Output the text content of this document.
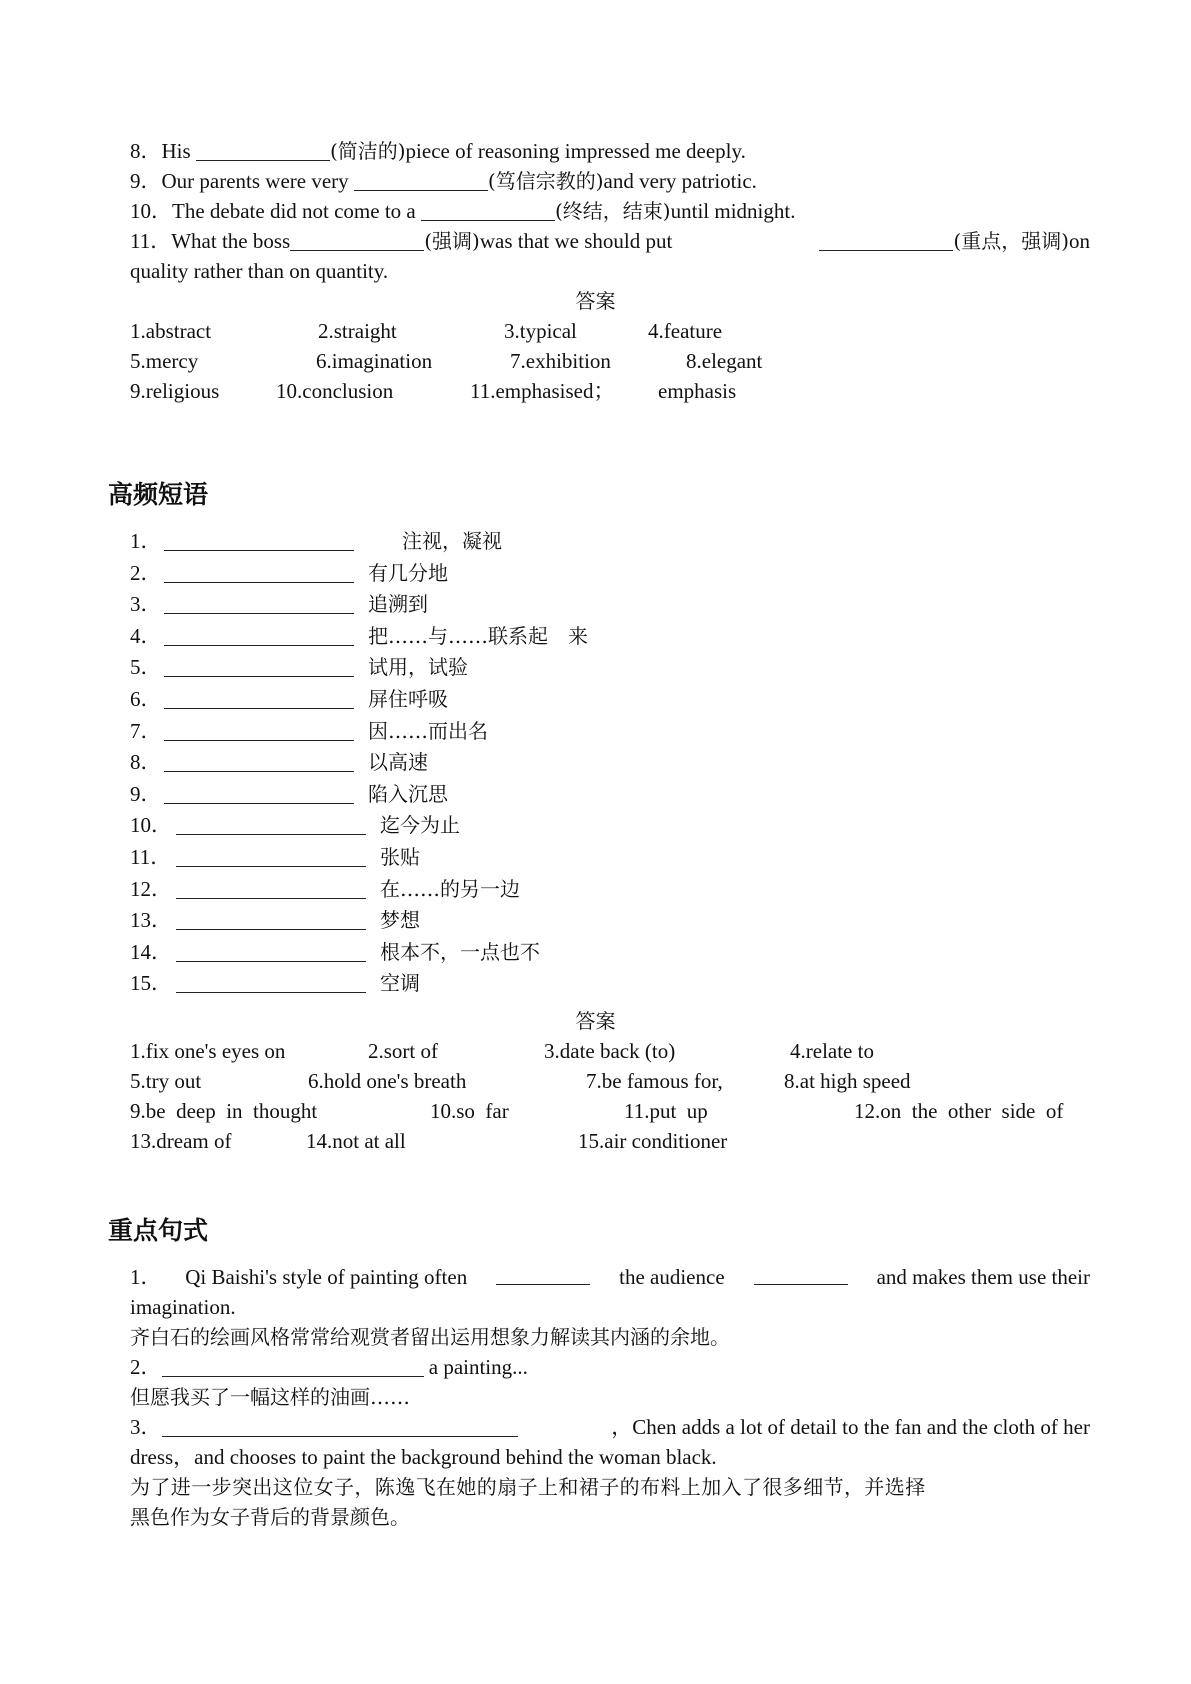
8．His	(简洁的)piece of reasoning impressed me deeply.
9．Our parents were very	(笃信宗教的)and very patriotic.
10．The debate did not come to a	(终结，结束)until midnight.
11．What the boss	(强调)was that we should put	(重点，强调)on
quality rather than on quantity.
答案
1.abstract	2.straight	3.typical	4.feature
5.mercy	6.imagination	7.exhibition	8.elegant
9.religious	10.conclusion	11.emphasised； emphasis
高频短语
1．	注视，凝视
2．	有几分地
3．	追溯到
4．	把……与……联系起　来
5．	试用，试验
6．	屏住呼吸
7．	因……而出名
8．	以高速
9．	陷入沉思
10．	迄今为止
11．	张贴
12．	在……的另一边
13．	梦想
14．	根本不，一点也不
15．	空调
答案
1.fix one's eyes on	2.sort of	3.date back (to)	4.relate to
5.try out	6.hold one's breath	7.be famous for,	8.at high speed
9.be  deep  in  thought	10.so  far	11.put  up	12.on  the  other  side  of
13.dream of	14.not at all	15.air conditioner
重点句式
1． Qi Baishi's style of painting often	the audience	and makes them use their
imagination.
齐白石的绘画风格常常给观赏者留出运用想象力解读其内涵的余地。
2．	a painting...
但愿我买了一幅这样的油画……
3．	，Chen adds a lot of detail to the fan and the cloth of her
dress，and chooses to paint the background behind the woman black.
为了进一步突出这位女子，陈逸飞在她的扇子上和裙子的布料上加入了很多细节，并选择
黑色作为女子背后的背景颜色。
